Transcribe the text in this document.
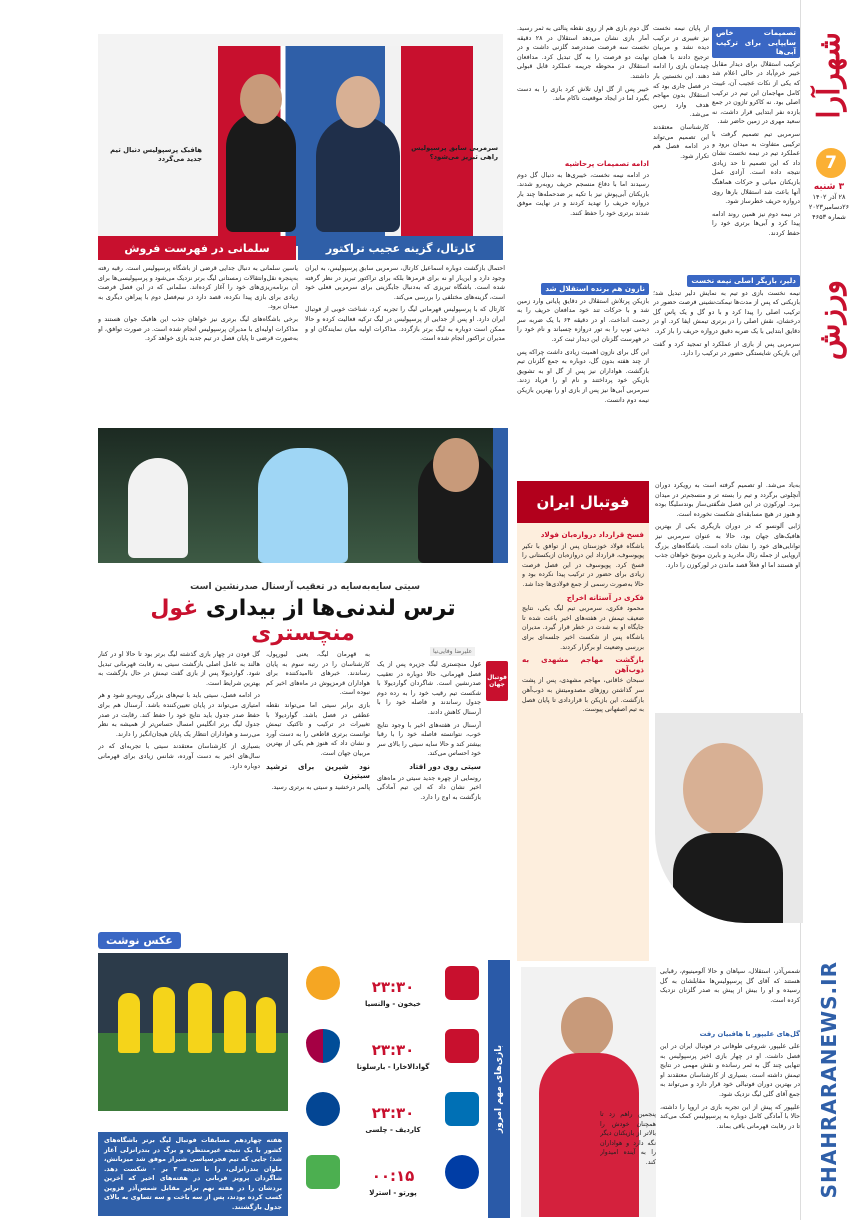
شهرآرا
7
۳ شنبه
۲۸ آذر ۱۴۰۲
۲۶دسامبر۲۰۲۳
شماره ۴۶۵۳
ورزش
SHAHRARANEWS.IR
تصمیمات خاص سایپایی برای ترکیب آبی‌ها

ترکیب استقلال برای دیدار مقابل خیبر خرم‌آباد در حالی اعلام شد که یکی از نکات عجیب آن، غیبت کامل مهاجمان این تیم در ترکیب اصلی بود. نه کاکرو تازون در جمع بازده نفر ابتدایی قرار داشت، نه سعید مهری در زمین حاضر شد.

سرمربی تیم تصمیم گرفت با ترکیبی متفاوت به میدان برود و عملکرد تیم در نیمه نخست نشان داد که این تصمیم تا حد زیادی نتیجه داده است. آزادی عمل بازیکنان میانی و حرکات هماهنگ آنها باعث شد استقلال بارها روی دروازه حریف خطرساز شود.

در نیمه دوم نیز همین روند ادامه پیدا کرد و آبی‌ها برتری خود را حفظ کردند.

از پایان نیمه نخست نیز تغییری در ترکیب دیده نشد و مربیان ترجیح دادند با همان چیدمان بازی را ادامه دهند. این نخستین بار در فصل جاری بود که استقلال بدون مهاجم هدف وارد زمین می‌شد.

کارشناسان معتقدند این تصمیم می‌تواند در ادامه فصل هم تکرار شود.

دلیر، بازیگر اصلی نیمه نخست

نیمه نخست بازی دو تیم به نمایش دلیر تبدیل شد؛ بازیکنی که پس از مدت‌ها نیمکت‌نشینی فرصت حضور در ترکیب اصلی را پیدا کرد و با دو گل و یک پاس گل درخشان، نقش اصلی را در برتری تیمش ایفا کرد. او در دقایق ابتدایی با یک ضربه دقیق دروازه حریف را باز کرد.

سرمربی پس از بازی از عملکرد او تمجید کرد و گفت این بازیکن شایستگی حضور در ترکیب را دارد.

گل دوم بازی هم از روی نقطه پنالتی به ثمر رسید. آمار بازی نشان می‌دهد استقلال در ۲۸ دقیقه نخست سه فرصت صددرصد گلزنی داشت و در نهایت دو فرصت را به گل تبدیل کرد. مدافعان استقلال در محوطه جریمه عملکرد قابل قبولی داشتند.

خیبر پس از گل اول تلاش کرد بازی را به دست بگیرد اما در ایجاد موقعیت ناکام ماند.

ادامه تصمیمات پرحاشیه

در ادامه نیمه نخست، خیبری‌ها به دنبال گل دوم رسیدند اما با دفاع منسجم حریف روبه‌رو شدند. بازیکنان آبی‌پوش نیز با تکیه بر ضدحمله‌ها چند بار دروازه حریف را تهدید کردند و در نهایت موفق شدند برتری خود را حفظ کنند.

نازون هم برنده استقلال شد

بازیکن پرتلاش استقلال در دقایق پایانی وارد زمین شد و با حرکات تند خود مدافعان حریف را به زحمت انداخت. او در دقیقه ۶۴ با یک ضربه سر دیدنی توپ را به تور دروازه چسباند و نام خود را در فهرست گلزنان این دیدار ثبت کرد.

این گل برای نازون اهمیت زیادی داشت چراکه پس از چند هفته بدون گل، دوباره به جمع گلزنان تیم بازگشت. هواداران نیز پس از گل او به تشویق بازیکن خود پرداختند و نام او را فریاد زدند. سرمربی آبی‌ها نیز پس از بازی او را بهترین بازیکن نیمه دوم دانست.

هافبک پرسپولیس دنبال تیم جدید می‌گردد
سرمربی سابق پرسپولیس راهی تبریز می‌شود؟
سلمانی در فهرست فروش	کارتال، گزینه عجیب تراکتور

یاسین سلمانی به دنبال جدایی قرضی از باشگاه پرسپولیس است. رقبه رفته به‌پنجره نقل‌وانتقالات زمستانی لیگ برتر نزدیک می‌شود و پرسپولیسی‌ها برای آن برنامه‌ریزی‌های خود را آغاز کرده‌اند. سلمانی که در این فصل فرصت زیادی برای بازی پیدا نکرده، قصد دارد در نیم‌فصل دوم با پیراهن دیگری به میدان برود.

برخی باشگاه‌های لیگ برتری نیز خواهان جذب این هافبک جوان هستند و مذاکرات اولیه‌ای با مدیران پرسپولیس انجام شده است. در صورت توافق، او به‌صورت قرضی تا پایان فصل در تیم جدید بازی خواهد کرد.

احتمال بازگشت دوباره اسماعیل کارتال، سرمربی سابق پرسپولیس، به ایران وجود دارد و این‌بار او نه برای قرمزها بلکه برای تراکتور تبریز در نظر گرفته شده است. باشگاه تبریزی که به‌دنبال جایگزینی برای سرمربی فعلی خود است، گزینه‌های مختلفی را بررسی می‌کند.

کارتال که با پرسپولیس قهرمانی لیگ را تجربه کرد، شناخت خوبی از فوتبال ایران دارد. او پس از جدایی از پرسپولیس در لیگ ترکیه فعالیت کرده و حالا ممکن است دوباره به لیگ برتر بازگردد. مذاکرات اولیه میان نمایندگان او و مدیران تراکتور انجام شده است.

سیتی سایه‌به‌سایه در تعقیب آرسنال صدرنشین است
ترس لندنی‌ها از بیداری غول منچستری
علیرضا وفایی‌نیا
فوتبال جهان

غول منچستری لیگ جزیره پس از یک فصل قهرمانی، حالا دوباره در تعقیب صدرنشین است. شاگردان گواردیولا با شکست تیم رقیب خود را به رده دوم جدول رساندند و فاصله خود را با آرسنال کاهش دادند.

آرسنال در هفته‌های اخیر با وجود نتایج خوب، نتوانسته فاصله خود را با رقبا بیشتر کند و حالا سایه سیتی را بالای سر خود احساس می‌کند.

سیتی روی دور افتاد

رونمایی از چهره جدید سیتی در ماه‌های اخیر نشان داد که این تیم آمادگی بازگشت به اوج را دارد.

به قهرمان لیگ، یعنی لیورپول، کارشناسان را در رتبه سوم به پایان رساندند. خبرهای ناامیدکننده برای هواداران قرمزپوش در ماه‌های اخیر کم نبوده است.

بازی برابر سیتی اما می‌تواند نقطه عطفی در فصل باشد. گواردیولا با تغییرات در ترکیب و تاکتیک تیمش توانست برتری قاطعی را به دست آورد و نشان داد که هنوز هم یکی از بهترین مربیان جهان است.

نود شیرین برای ترشید سیتیزن

پالمر درخشید و سیتی به برتری رسید.

گل فودن در چهار بازی گذشته لیگ برتر بود تا حالا او در کنار هالند به عامل اصلی بازگشت سیتی به رقابت قهرمانی تبدیل شود. گواردیولا پس از بازی گفت تیمش در حال بازگشت به بهترین شرایط است.

در ادامه فصل، سیتی باید با تیم‌های بزرگی روبه‌رو شود و هر امتیازی می‌تواند در پایان تعیین‌کننده باشد. آرسنال هم برای حفظ صدر جدول باید نتایج خود را حفظ کند. رقابت در صدر جدول لیگ برتر انگلیس امسال حساس‌تر از همیشه به نظر می‌رسد و هواداران انتظار یک پایان هیجان‌انگیز را دارند.

بسیاری از کارشناسان معتقدند سیتی با تجربه‌ای که در سال‌های اخیر به دست آورده، شانس زیادی برای قهرمانی دوباره دارد.

فوتبال ایران
فسخ قرارداد دروازه‌بان فولاد

باشگاه فولاد خوزستان پس از توافق با تکیر پویوسوف، قرارداد این دروازه‌بان ازبکستانی را فسخ کرد. پویوسوف در این فصل فرصت زیادی برای حضور در ترکیب پیدا نکرده بود و حالا به‌صورت رسمی از جمع فولادی‌ها جدا شد.

فکری در آستانه اخراج

محمود فکری، سرمربی تیم لیگ یکی، نتایج ضعیف تیمش در هفته‌های اخیر باعث شده تا جایگاه او به شدت در خطر قرار گیرد. مدیران باشگاه پس از شکست اخیر جلسه‌ای برای بررسی وضعیت او برگزار کردند.

بازگشت مهاجم مشهدی به ذوب‌آهن

سبحان خاقانی، مهاجم مشهدی، پس از پشت سر گذاشتن روزهای مصدومیتش به ذوب‌آهن بازگشت. این بازیکن با قراردادی تا پایان فصل به تیم اصفهانی پیوست.

به‌یاد می‌شد. او تصمیم گرفته است به رویکرد دوران آنچلوتی برگردد و تیم را بسته تر و منسجم‌تر در میدان ببرد. لورکوزن در این فصل شگفتی‌ساز بوندسلیگا بوده و هنوز در هیچ مسابقه‌ای شکست نخورده است.

ژابی آلونسو که در دوران بازیگری یکی از بهترین هافبک‌های جهان بود، حالا به عنوان سرمربی نیز توانایی‌های خود را نشان داده است. باشگاه‌های بزرگ اروپایی از جمله رئال مادرید و بایرن مونیخ خواهان جذب او هستند اما او فعلاً قصد ماندن در لورکوزن را دارد.

بازی‌های مهم امروز
۲۳:۳۰
خیخون - والنسیا
۲۳:۳۰
گوادالاخارا - بارسلونا
۲۳:۳۰
کاردیف - چلسی
۰۰:۱۵
پورتو - استرلا
عکس نوشت
هفته چهاردهم مسابقات فوتبال لیگ برتر باشگاه‌های کشور با یک نتیجه غیرمنتظره و برگ در بندرانزلی آغاز شد؛ جایی که تیم فجرسپاسی شیراز موفق شد میزبانش، ملوان بندرانزلی، را با نتیجه ۳ بر ۰ شکست دهد. شاگردان پرویز قربانی در هفته‌های اخیر که آخرین بردشان را در هفته نهم برابر مقابل شمس‌آذر قزوین کسب کرده بودند، پس از سه باخت و سه تساوی به بالای جدول بازگشتند.

شمس‌آذر، استقلال، سپاهان و حالا آلومینیوم، رقبایی هستند که آقای گل پرسپولیس‌ها مقابلشان به گل رسیده و او را بیش از پیش به صدر گلزنان نزدیک کرده است.

گل‌های علیپور با هافبیان رفت

علی علیپور، شروعی طوفانی در فوتبال ایران در این فصل داشت. او در چهار بازی اخیر پرسپولیس به تنهایی چند گل به ثمر رسانده و نقش مهمی در نتایج تیمش داشته است. بسیاری از کارشناسان معتقدند او در بهترین دوران فوتبالی خود قرار دارد و می‌تواند به جمع آقای گلی لیگ نزدیک شود.

علیپور که پیش از این تجربه بازی در اروپا را داشته، حالا با آمادگی کامل دوباره به پرسپولیس کمک می‌کند تا در رقابت قهرمانی باقی بماند.

پنجمین راهم زد تا همچنان خودش را بالاتر از بازیکنان دیگر نگه دارد و هواداران را به آینده امیدوار کند.
